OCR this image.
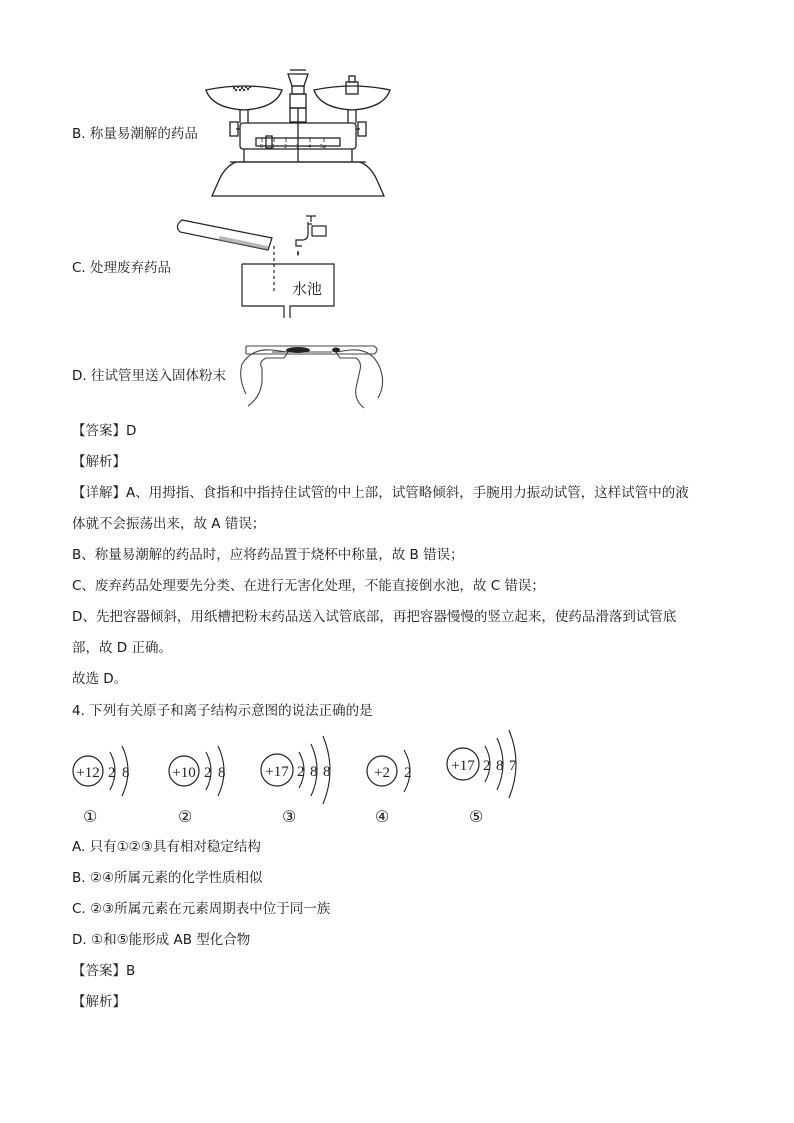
B. 称量易潮解的药品
0 1 2 3 4 5g
C. 处理废弃药品
水池
D. 往试管里送入固体粉末
【答案】D
【解析】
【详解】A、用拇指、食指和中指持住试管的中上部，试管略倾斜，手腕用力振动试管，这样试管中的液
体就不会振荡出来，故 A 错误；
B、称量易潮解的药品时，应将药品置于烧杯中称量，故 B 错误；
C、废弃药品处理要先分类、在进行无害化处理，不能直接倒水池，故 C 错误；
D、先把容器倾斜，用纸槽把粉末药品送入试管底部，再把容器慢慢的竖立起来，使药品滑落到试管底
部，故 D 正确。
故选 D。
4. 下列有关原子和离子结构示意图的说法正确的是
+12 2 8	+10 2 8	+17 2 8 8	+2 2	+17 2 8 7
①	②	③	④	⑤
A. 只有①②③具有相对稳定结构
B. ②④所属元素的化学性质相似
C. ②③所属元素在元素周期表中位于同一族
D. ①和⑤能形成 AB 型化合物
【答案】B
【解析】
